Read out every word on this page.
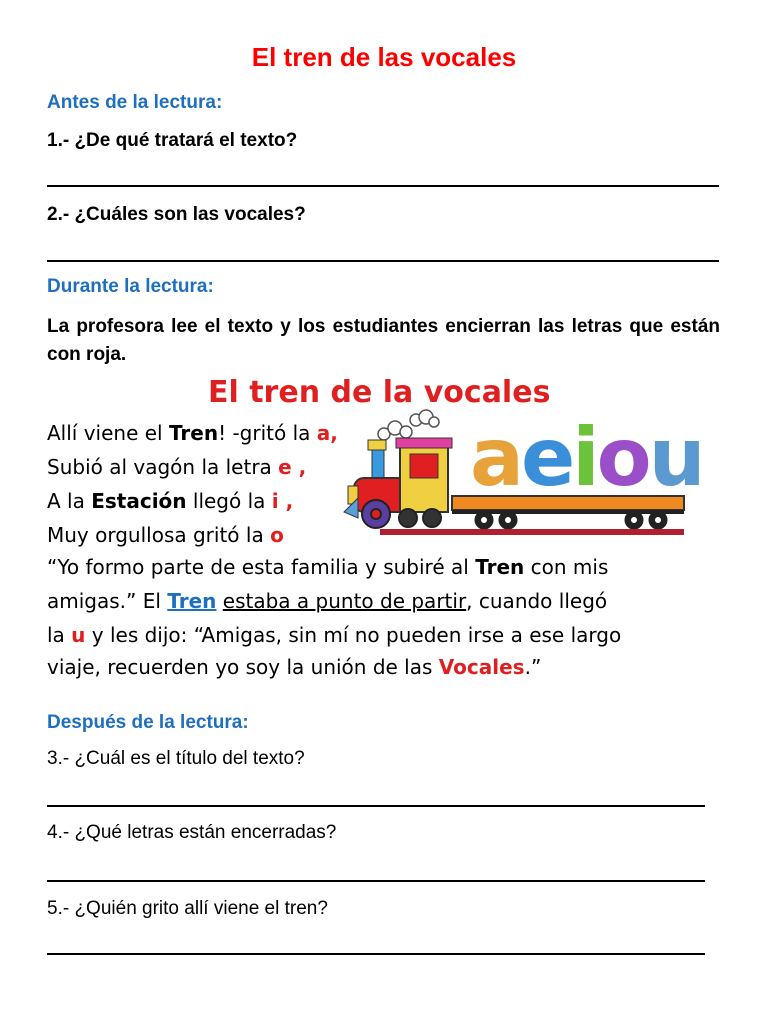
El tren de las vocales
Antes de la lectura:
1.- ¿De qué tratará el texto?
2.- ¿Cuáles son las vocales?
Durante la lectura:
La profesora lee el texto y los estudiantes encierran las letras que están con roja.
El tren de la vocales
aeiou
Allí viene el Tren! -gritó la a,
Subió al vagón la letra e ,
A la Estación llegó la i ,
Muy orgullosa gritó la o
“Yo formo parte de esta familia y subiré al Tren con mis
amigas.” El Tren estaba a punto de partir, cuando llegó
la u y les dijo: “Amigas, sin mí no pueden irse a ese largo
viaje, recuerden yo soy la unión de las Vocales.”
Después de la lectura:
3.- ¿Cuál es el título del texto?
4.- ¿Qué letras están encerradas?
5.- ¿Quién grito allí viene el tren?
